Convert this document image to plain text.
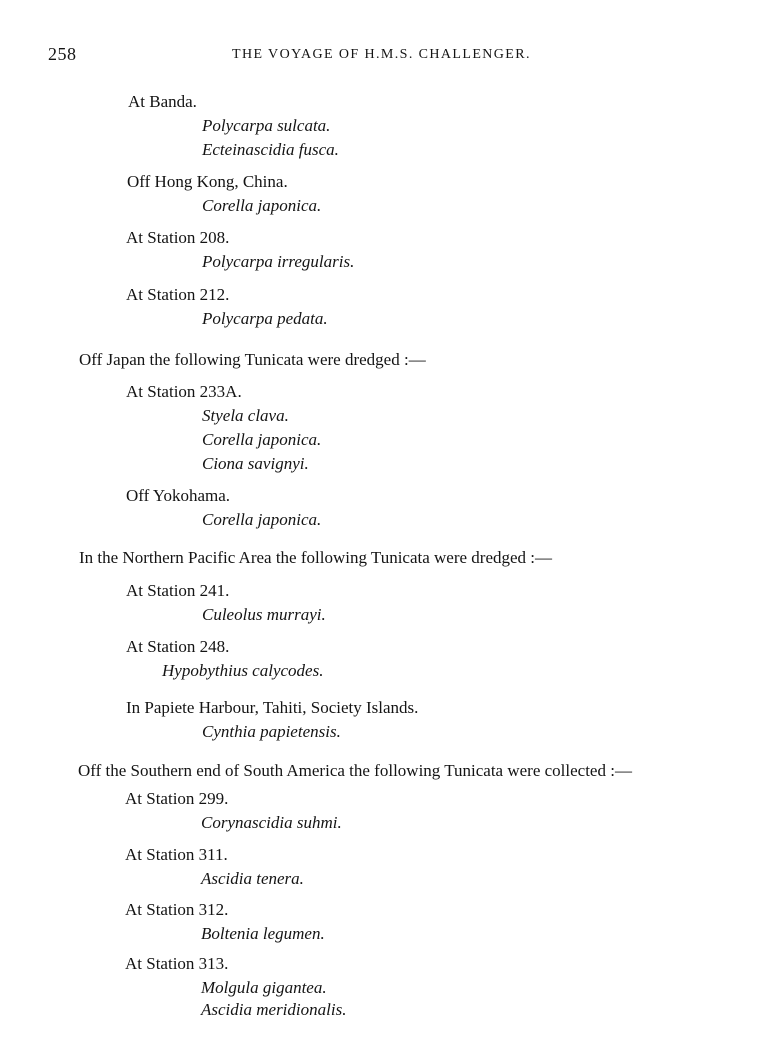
258	THE VOYAGE OF H.M.S. CHALLENGER.
At Banda.
Polycarpa sulcata.
Ecteinascidia fusca.
Off Hong Kong, China.
Corella japonica.
At Station 208.
Polycarpa irregularis.
At Station 212.
Polycarpa pedata.
Off Japan the following Tunicata were dredged :—
At Station 233A.
Styela clava.
Corella japonica.
Ciona savignyi.
Off Yokohama.
Corella japonica.
In the Northern Pacific Area the following Tunicata were dredged :—
At Station 241.
Culeolus murrayi.
At Station 248.
Hypobythius calycodes.
In Papiete Harbour, Tahiti, Society Islands.
Cynthia papietensis.
Off the Southern end of South America the following Tunicata were collected :—
At Station 299.
Corynascidia suhmi.
At Station 311.
Ascidia tenera.
At Station 312.
Boltenia legumen.
At Station 313.
Molgula gigantea.
Ascidia meridionalis.
